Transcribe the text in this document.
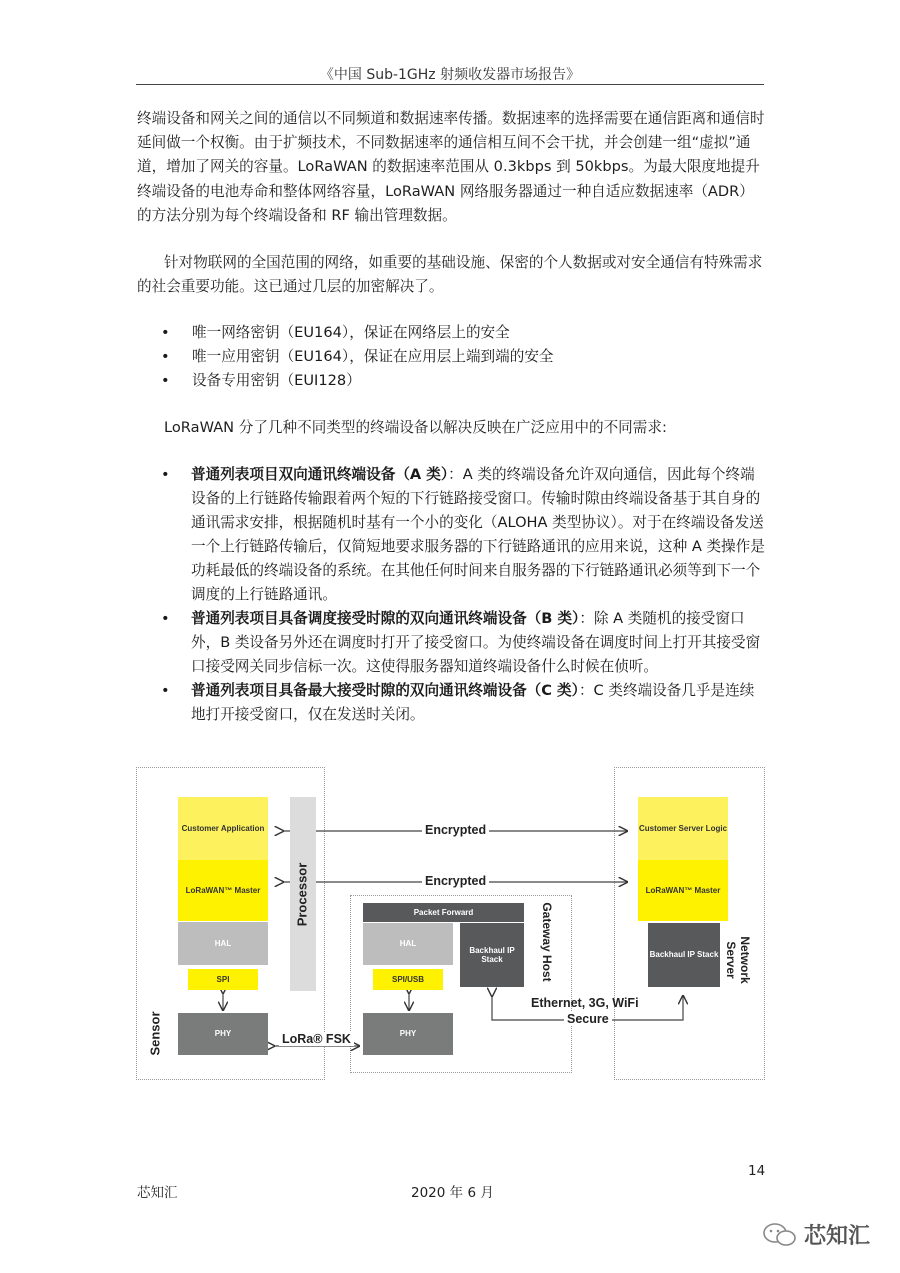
《中国 Sub-1GHz 射频收发器市场报告》

终端设备和网关之间的通信以不同频道和数据速率传播。数据速率的选择需要在通信距离和通信时延间做一个权衡。由于扩频技术，不同数据速率的通信相互间不会干扰，并会创建一组“虚拟”通道，增加了网关的容量。LoRaWAN 的数据速率范围从 0.3kbps 到 50kbps。为最大限度地提升终端设备的电池寿命和整体网络容量，LoRaWAN 网络服务器通过一种自适应数据速率（ADR）的方法分别为每个终端设备和 RF 输出管理数据。

针对物联网的全国范围的网络，如重要的基础设施、保密的个人数据或对安全通信有特殊需求的社会重要功能。这已通过几层的加密解决了。

• 唯一网络密钥（EU164），保证在网络层上的安全
• 唯一应用密钥（EU164），保证在应用层上端到端的安全
• 设备专用密钥（EUI128）

LoRaWAN 分了几种不同类型的终端设备以解决反映在广泛应用中的不同需求:

• 普通列表项目双向通讯终端设备（A 类）：A 类的终端设备允许双向通信，因此每个终端设备的上行链路传输跟着两个短的下行链路接受窗口。传输时隙由终端设备基于其自身的通讯需求安排，根据随机时基有一个小的变化（ALOHA 类型协议）。对于在终端设备发送一个上行链路传输后，仅简短地要求服务器的下行链路通讯的应用来说，这种 A 类操作是功耗最低的终端设备的系统。在其他任何时间来自服务器的下行链路通讯必须等到下一个调度的上行链路通讯。
• 普通列表项目具备调度接受时隙的双向通讯终端设备（B 类）：除 A 类随机的接受窗口外，B 类设备另外还在调度时打开了接受窗口。为使终端设备在调度时间上打开其接受窗口接受网关同步信标一次。这使得服务器知道终端设备什么时候在侦听。
• 普通列表项目具备最大接受时隙的双向通讯终端设备（C 类）：C 类终端设备几乎是连续地打开接受窗口，仅在发送时关闭。
Customer Application
LoRaWAN™ Master
HAL
SPI
PHY
Processor
Sensor
Encrypted
Encrypted
Packet Forward
HAL
Backhaul IP Stack
SPI/USB
PHY
Gateway Host
LoRa® FSK
Ethernet, 3G, WiFi
Secure
Customer Server Logic
LoRaWAN™ Master
Backhaul IP Stack	Network Server
14
芯知汇	2020 年 6 月
芯知汇
